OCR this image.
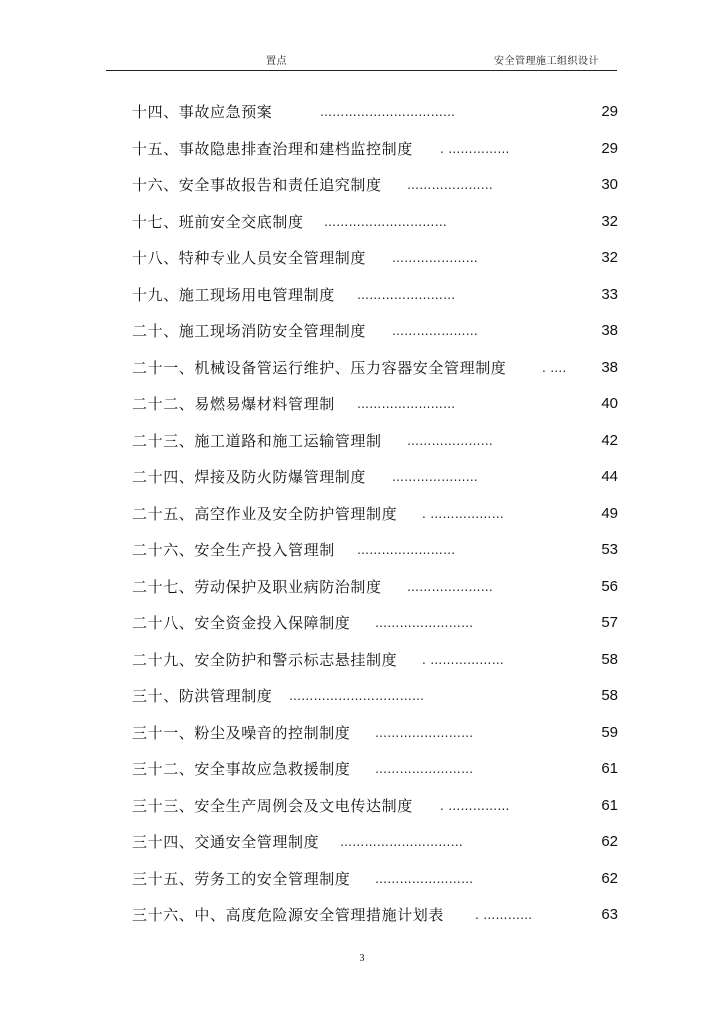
置点	安全管理施工组织设计
十四、事故应急预案	……………………………	29
十五、事故隐患排查治理和建档监控制度 . ……………	29
十六、安全事故报告和责任追究制度 …………………	30
十七、班前安全交底制度 …………………………	32
十八、特种专业人员安全管理制度 …………………	32
十九、施工现场用电管理制度 ……………………	33
二十、施工现场消防安全管理制度 …………………	38
二十一、机械设备管运行维护、压力容器安全管理制度	. …. 38
二十二、易燃易爆材料管理制 ……………………	40
二十三、施工道路和施工运输管理制 …………………	42
二十四、焊接及防火防爆管理制度 …………………	44
二十五、高空作业及安全防护管理制度 . ………………	49
二十六、安全生产投入管理制 ……………………	53
二十七、劳动保护及职业病防治制度 …………………	56
二十八、安全资金投入保障制度 ……………………	57
二十九、安全防护和警示标志悬挂制度 . ………………	58
三十、防洪管理制度 ……………………………	58
三十一、粉尘及噪音的控制制度 ……………………	59
三十二、安全事故应急救援制度 ……………………	61
三十三、安全生产周例会及文电传达制度 . ……………	61
三十四、交通安全管理制度 …………………………	62
三十五、劳务工的安全管理制度 ……………………	62
三十六、中、高度危险源安全管理措施计划表	. …………	63
3
